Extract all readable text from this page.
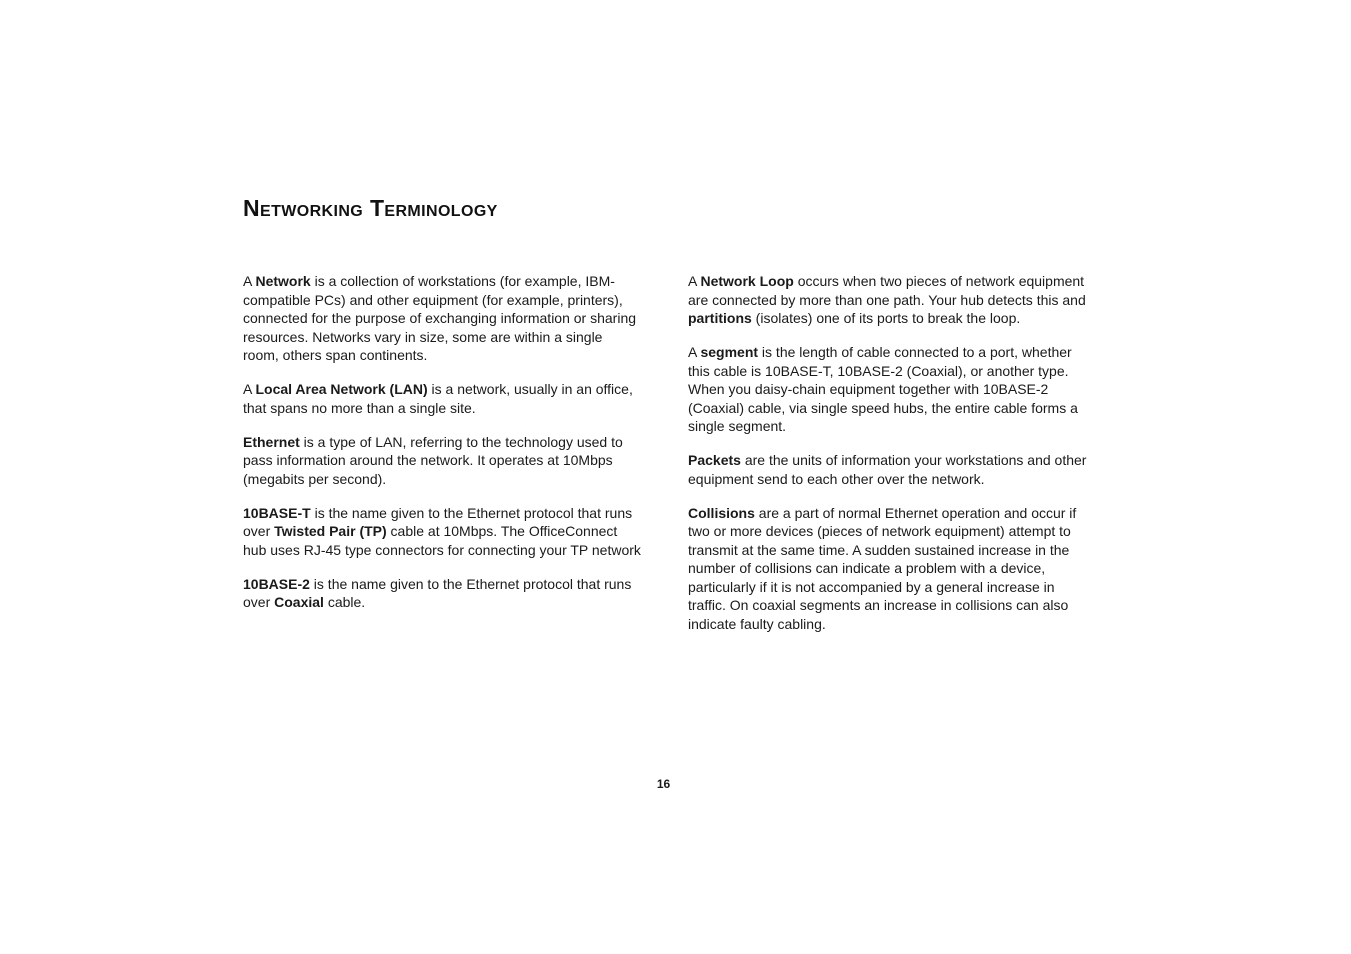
Networking Terminology

A Network is a collection of workstations (for example, IBM-compatible PCs) and other equipment (for example, printers), connected for the purpose of exchanging information or sharing resources. Networks vary in size, some are within a single room, others span continents.

A Local Area Network (LAN) is a network, usually in an office, that spans no more than a single site.

Ethernet is a type of LAN, referring to the technology used to pass information around the network. It operates at 10Mbps (megabits per second).

10BASE-T is the name given to the Ethernet protocol that runs over Twisted Pair (TP) cable at 10Mbps. The OfficeConnect hub uses RJ-45 type connectors for connecting your TP network

10BASE-2 is the name given to the Ethernet protocol that runs over Coaxial cable.

A Network Loop occurs when two pieces of network equipment are connected by more than one path. Your hub detects this and partitions (isolates) one of its ports to break the loop.

A segment is the length of cable connected to a port, whether this cable is 10BASE-T, 10BASE-2 (Coaxial), or another type. When you daisy-chain equipment together with 10BASE-2 (Coaxial) cable, via single speed hubs, the entire cable forms a single segment.

Packets are the units of information your workstations and other equipment send to each other over the network.

Collisions are a part of normal Ethernet operation and occur if two or more devices (pieces of network equipment) attempt to transmit at the same time. A sudden sustained increase in the number of collisions can indicate a problem with a device, particularly if it is not accompanied by a general increase in traffic. On coaxial segments an increase in collisions can also indicate faulty cabling.

16
